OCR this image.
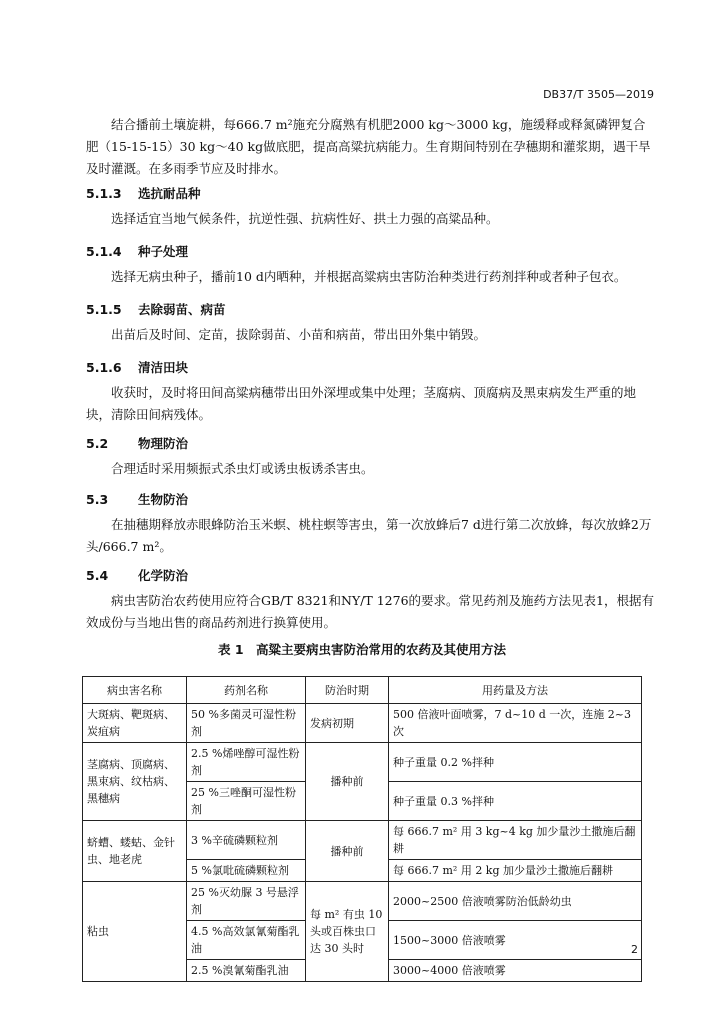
DB37/T 3505—2019
结合播前土壤旋耕，每666.7 m²施充分腐熟有机肥2000 kg～3000 kg，施缓释或释氮磷钾复合肥（15-15-15）30 kg～40 kg做底肥，提高高粱抗病能力。生育期间特别在孕穗期和灌浆期，遇干旱及时灌溉。在多雨季节应及时排水。
5.1.3 选抗耐品种
选择适宜当地气候条件，抗逆性强、抗病性好、拱土力强的高粱品种。
5.1.4 种子处理
选择无病虫种子，播前10 d内晒种，并根据高粱病虫害防治种类进行药剂拌种或者种子包衣。
5.1.5 去除弱苗、病苗
出苗后及时间、定苗，拔除弱苗、小苗和病苗，带出田外集中销毁。
5.1.6 清洁田块
收获时，及时将田间高粱病穗带出田外深埋或集中处理；茎腐病、顶腐病及黑束病发生严重的地块，清除田间病残体。
5.2 物理防治
合理适时采用频振式杀虫灯或诱虫板诱杀害虫。
5.3 生物防治
在抽穗期释放赤眼蜂防治玉米螟、桃柱螟等害虫，第一次放蜂后7 d进行第二次放蜂，每次放蜂2万头/666.7 m²。
5.4 化学防治
病虫害防治农药使用应符合GB/T 8321和NY/T 1276的要求。常见药剂及施药方法见表1，根据有效成份与当地出售的商品药剂进行换算使用。
表 1　高粱主要病虫害防治常用的农药及其使用方法
病虫害名称	药剂名称	防治时期	用药量及方法
大斑病、靶斑病、炭疽病	50 %多菌灵可湿性粉剂	发病初期	500 倍液叶面喷雾，7 d~10 d 一次，连施 2~3 次
茎腐病、顶腐病、黑束病、纹枯病、黑穗病	2.5 %烯唑醇可湿性粉剂	播种前	种子重量 0.2 %拌种
	25 %三唑酮可湿性粉剂		种子重量 0.3 %拌种
蛴螬、蝼蛄、金针虫、地老虎	3 %辛硫磷颗粒剂	播种前	每 666.7 m² 用 3 kg~4 kg 加少量沙土撒施后翻耕
	5 %氯吡硫磷颗粒剂		每 666.7 m² 用 2 kg 加少量沙土撒施后翻耕
粘虫	25 %灭幼脲 3 号悬浮剂	每 m² 有虫 10 头或百株虫口达 30 头时	2000~2500 倍液喷雾防治低龄幼虫
	4.5 %高效氯氰菊酯乳油		1500~3000 倍液喷雾
	2.5 %溴氰菊酯乳油		3000~4000 倍液喷雾
2
